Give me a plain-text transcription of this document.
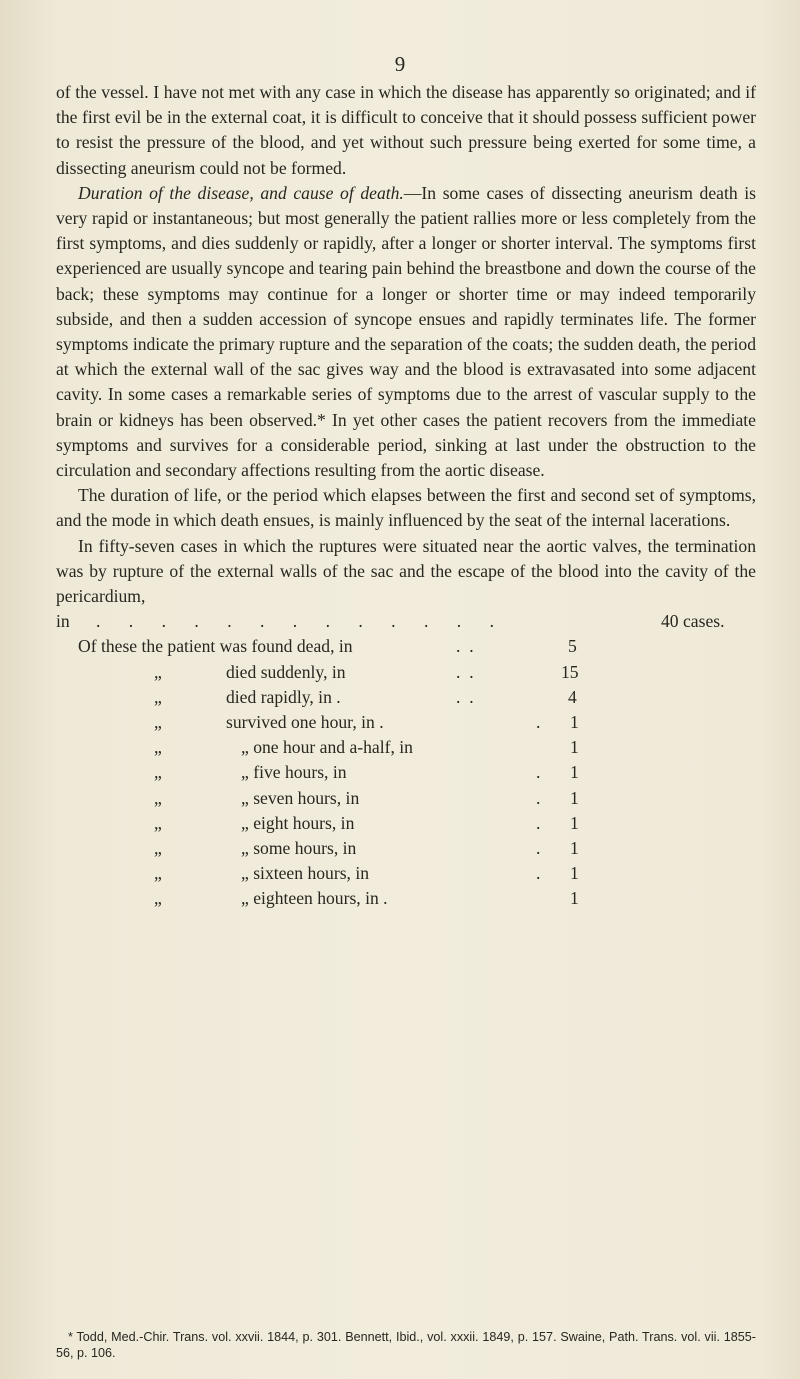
9

of the vessel. I have not met with any case in which the disease has apparently so originated; and if the first evil be in the external coat, it is difficult to conceive that it should possess sufficient power to resist the pressure of the blood, and yet without such pressure being exerted for some time, a dissecting aneurism could not be formed.

Duration of the disease, and cause of death.—In some cases of dissecting aneurism death is very rapid or instantaneous; but most generally the patient rallies more or less completely from the first symptoms, and dies suddenly or rapidly, after a longer or shorter interval. The symptoms first experienced are usually syncope and tearing pain behind the breastbone and down the course of the back; these symptoms may continue for a longer or shorter time or may indeed temporarily subside, and then a sudden accession of syncope ensues and rapidly terminates life. The former symptoms indicate the primary rupture and the separation of the coats; the sudden death, the period at which the external wall of the sac gives way and the blood is extravasated into some adjacent cavity. In some cases a remarkable series of symptoms due to the arrest of vascular supply to the brain or kidneys has been observed.* In yet other cases the patient recovers from the immediate symptoms and survives for a considerable period, sinking at last under the obstruction to the circulation and secondary affections resulting from the aortic disease.

The duration of life, or the period which elapses between the first and second set of symptoms, and the mode in which death ensues, is mainly influenced by the seat of the internal lacerations.

In fifty-seven cases in which the ruptures were situated near the aortic valves, the termination was by rupture of the external walls of the sac and the escape of the blood into the cavity of the pericardium,

in . . . . . . . . . . . . .	40 cases.
Of these the patient was found dead, in	.  .	5
„	died suddenly, in	.  .	15
„	died rapidly, in .	.  .	4
„	survived one hour, in .	. 1
„	„ one hour and a-half, in	1
„	„ five hours, in	. 1
„	„ seven hours, in	. 1
„	„ eight hours, in	. 1
„	„ some hours, in	. 1
„	„ sixteen hours, in	. 1
„	„ eighteen hours, in .	1

* Todd, Med.-Chir. Trans. vol. xxvii. 1844, p. 301. Bennett, Ibid., vol. xxxii. 1849, p. 157. Swaine, Path. Trans. vol. vii. 1855-56, p. 106.
